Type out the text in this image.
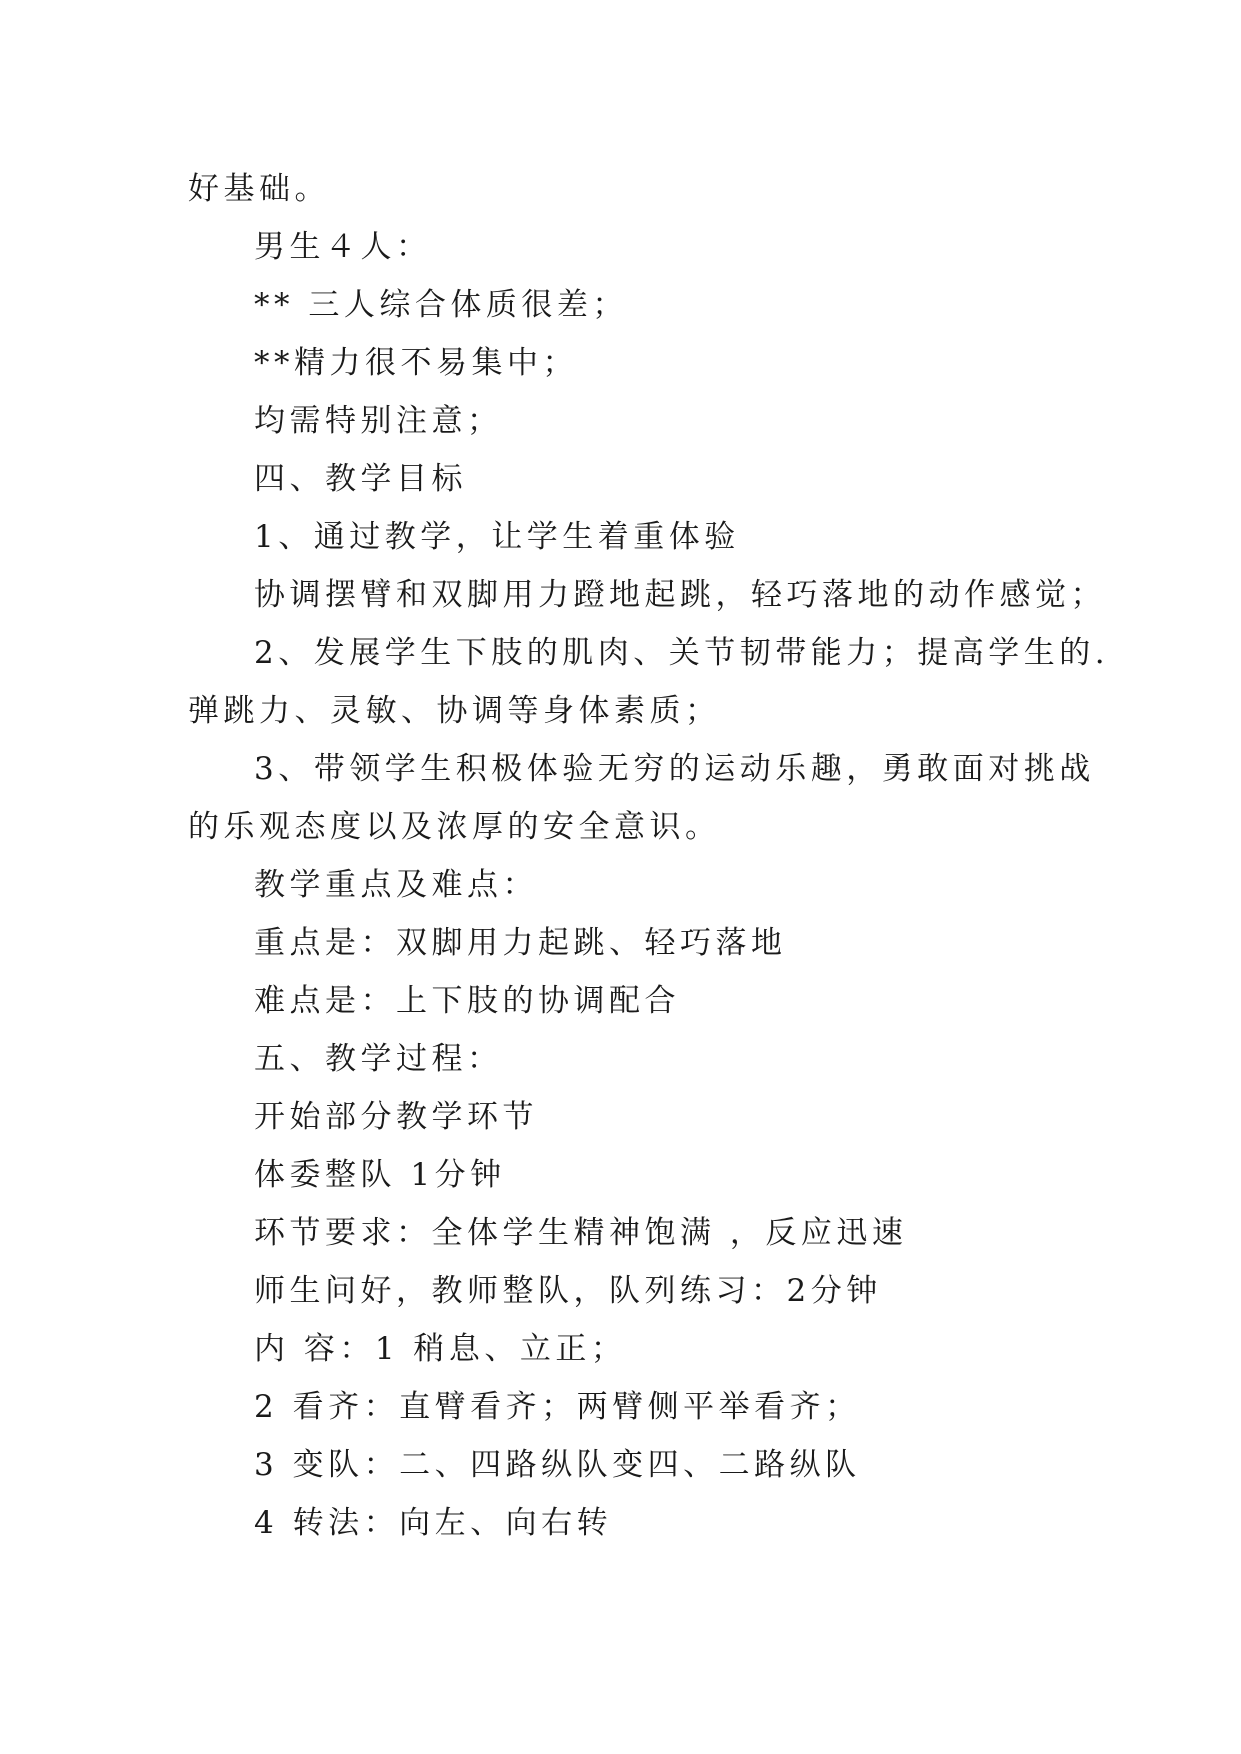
好基础。
男生４人：
** 三人综合体质很差；
**精力很不易集中；
均需特别注意；
四、教学目标
1、通过教学，让学生着重体验
协调摆臂和双脚用力蹬地起跳，轻巧落地的动作感觉；
2、发展学生下肢的肌肉、关节韧带能力；提高学生的.
弹跳力、灵敏、协调等身体素质；
3、带领学生积极体验无穷的运动乐趣，勇敢面对挑战
的乐观态度以及浓厚的安全意识。
教学重点及难点：
重点是：双脚用力起跳、轻巧落地
难点是：上下肢的协调配合
五、教学过程：
开始部分教学环节
体委整队 1分钟
环节要求：全体学生精神饱满 ，反应迅速
师生问好，教师整队，队列练习：2分钟
内 容：1 稍息、立正；
2 看齐：直臂看齐；两臂侧平举看齐；
3 变队：二、四路纵队变四、二路纵队
4 转法：向左、向右转
